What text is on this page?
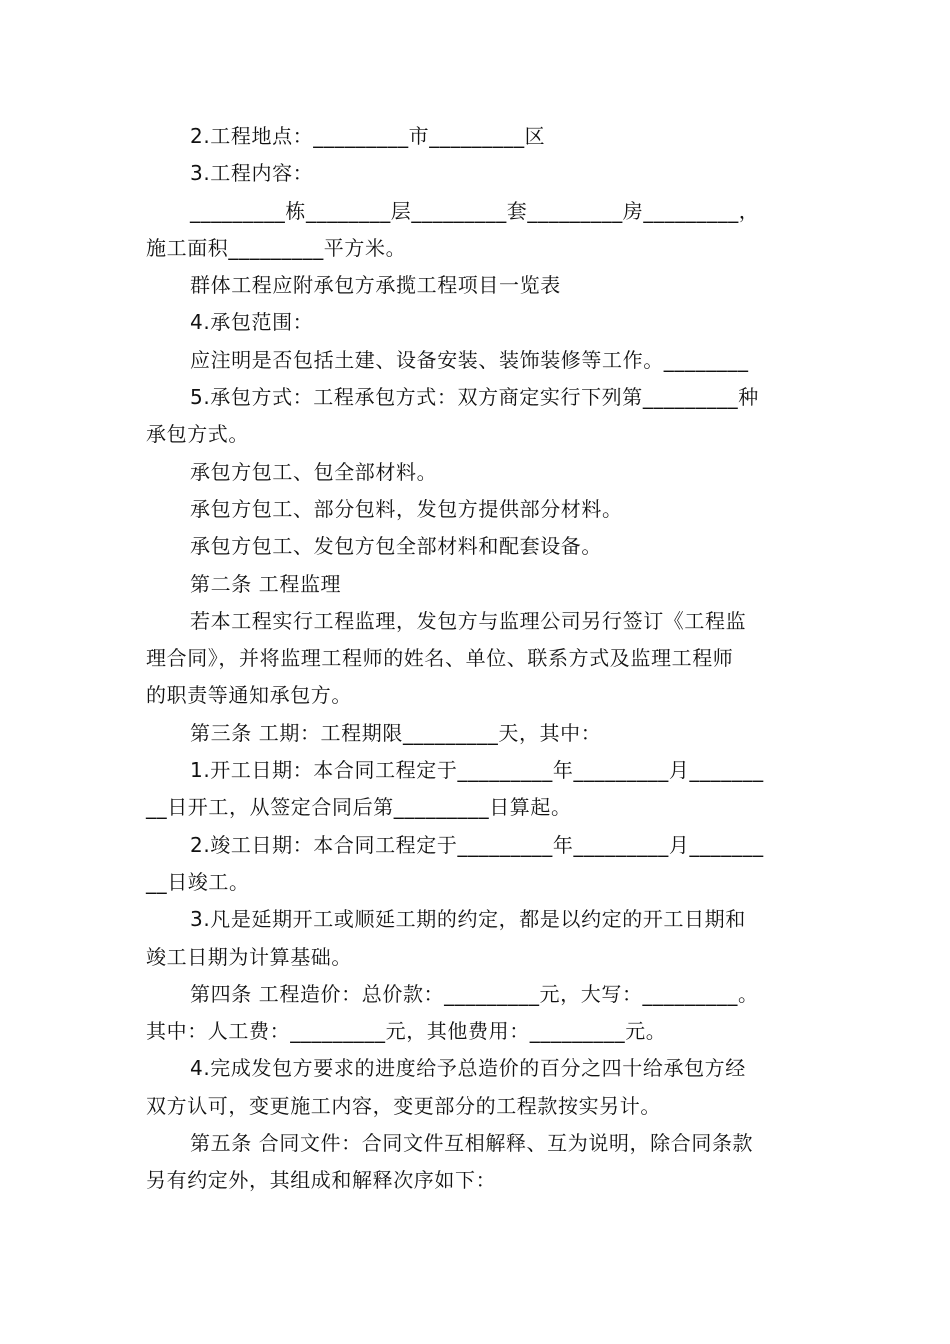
2.工程地点：_________市_________区

3.工程内容：

_________栋________层_________套_________房_________，

施工面积_________平方米。

群体工程应附承包方承揽工程项目一览表

4.承包范围：

应注明是否包括土建、设备安装、装饰装修等工作。________

5.承包方式：工程承包方式：双方商定实行下列第_________种

承包方式。

承包方包工、包全部材料。

承包方包工、部分包料，发包方提供部分材料。

承包方包工、发包方包全部材料和配套设备。

第二条 工程监理

若本工程实行工程监理，发包方与监理公司另行签订《工程监

理合同》，并将监理工程师的姓名、单位、联系方式及监理工程师

的职责等通知承包方。

第三条 工期：工程期限_________天，其中：

1.开工日期：本合同工程定于_________年_________月_______

__日开工，从签定合同后第_________日算起。

2.竣工日期：本合同工程定于_________年_________月_______

__日竣工。

3.凡是延期开工或顺延工期的约定，都是以约定的开工日期和

竣工日期为计算基础。

第四条 工程造价：总价款：_________元，大写：_________。

其中：人工费：_________元，其他费用：_________元。

4.完成发包方要求的进度给予总造价的百分之四十给承包方经

双方认可，变更施工内容，变更部分的工程款按实另计。

第五条 合同文件：合同文件互相解释、互为说明，除合同条款

另有约定外，其组成和解释次序如下：
